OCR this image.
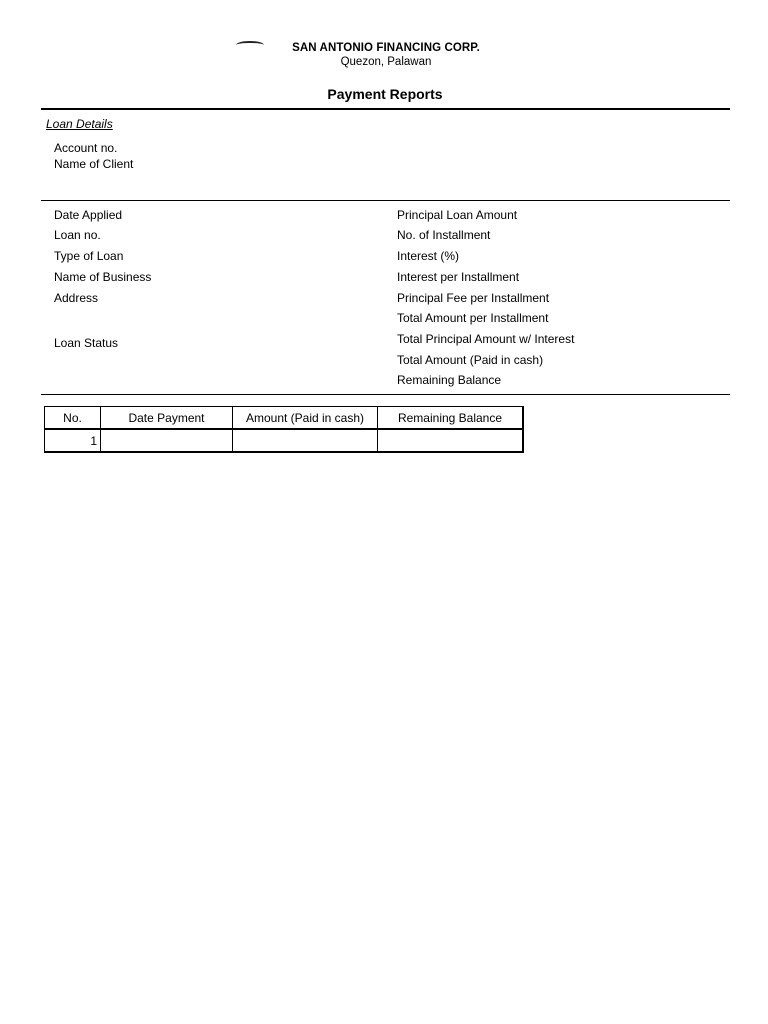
SAN ANTONIO FINANCING CORP.
Quezon, Palawan
Payment Reports
Loan Details
Account no.
Name of Client
Date Applied
Loan no.
Type of Loan
Name of Business
Address
Loan Status
Principal Loan Amount
No. of Installment
Interest (%)
Interest per Installment
Principal Fee per Installment
Total Amount per Installment
Total Principal Amount w/ Interest
Total Amount (Paid in cash)
Remaining Balance
No.	Date Payment	Amount (Paid in cash)	Remaining Balance
1			
